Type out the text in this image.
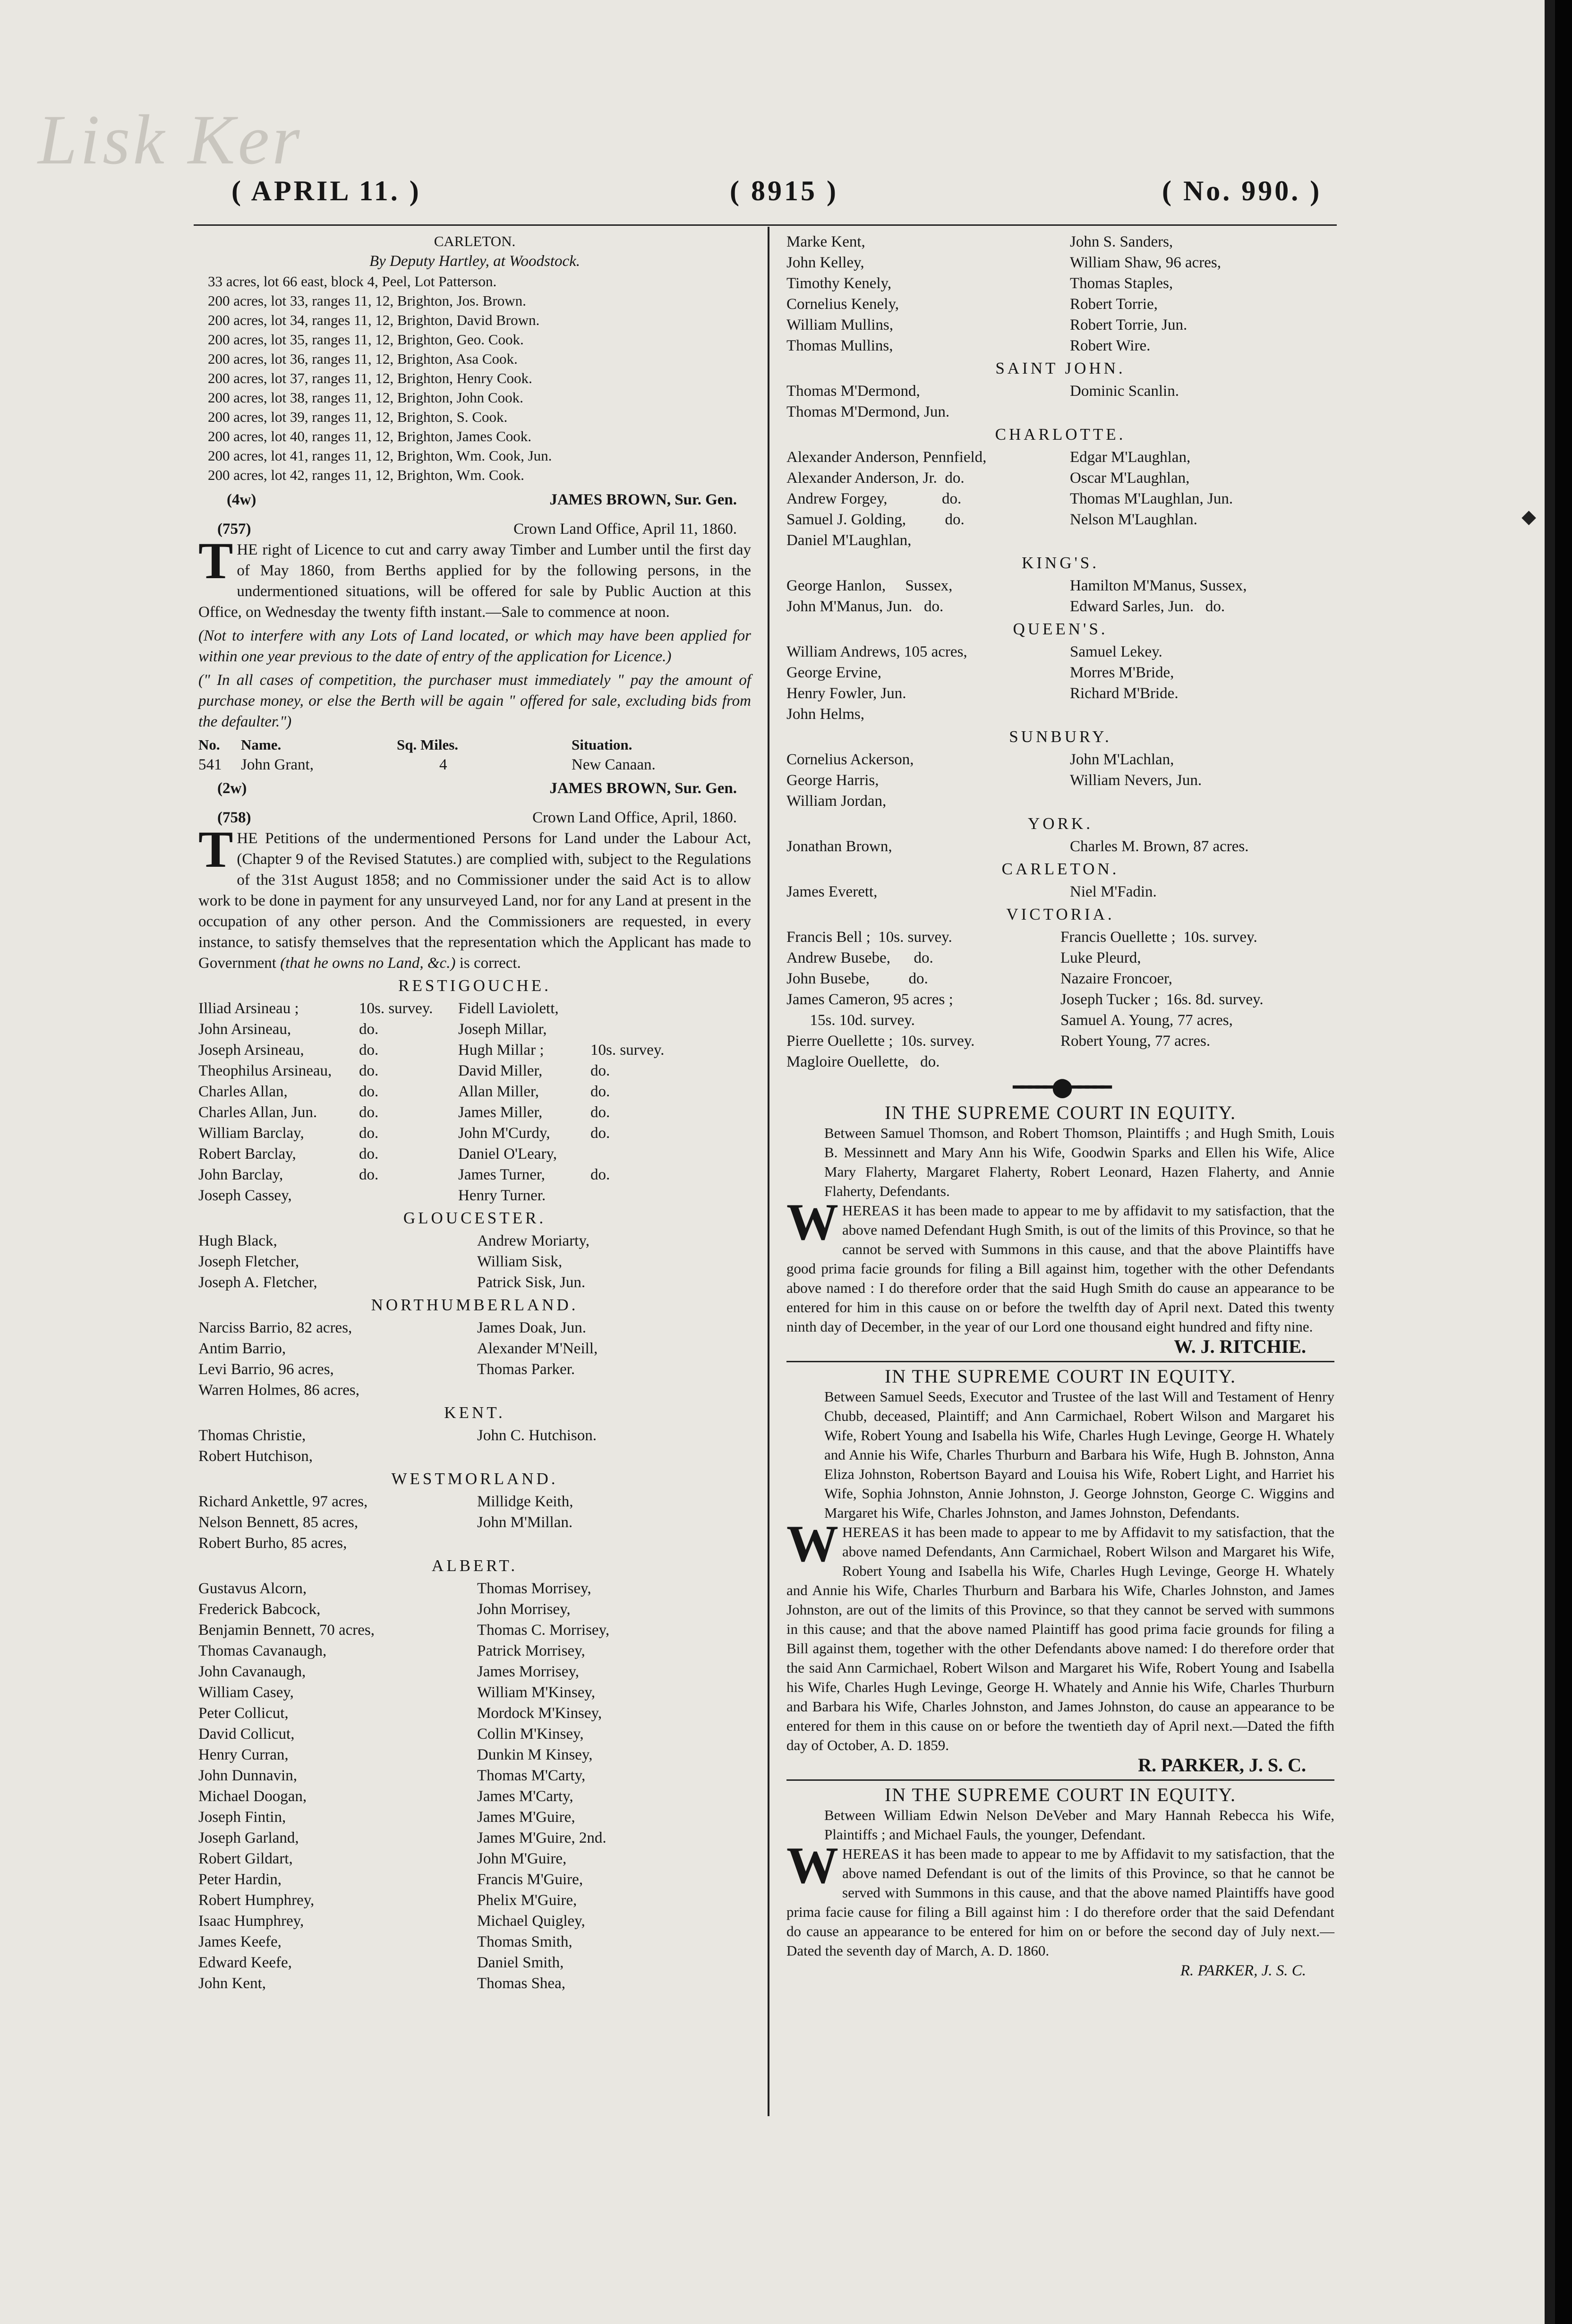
Lisk Ker
( APRIL 11. )	( 8915 )	( No. 990. )
◆

CARLETON.

By Deputy Hartley, at Woodstock.

33 acres, lot 66 east, block 4, Peel, Lot Patterson.

200 acres, lot 33, ranges 11, 12, Brighton, Jos. Brown.

200 acres, lot 34, ranges 11, 12, Brighton, David Brown.

200 acres, lot 35, ranges 11, 12, Brighton, Geo. Cook.

200 acres, lot 36, ranges 11, 12, Brighton, Asa Cook.

200 acres, lot 37, ranges 11, 12, Brighton, Henry Cook.

200 acres, lot 38, ranges 11, 12, Brighton, John Cook.

200 acres, lot 39, ranges 11, 12, Brighton, S. Cook.

200 acres, lot 40, ranges 11, 12, Brighton, James Cook.

200 acres, lot 41, ranges 11, 12, Brighton, Wm. Cook, Jun.

200 acres, lot 42, ranges 11, 12, Brighton, Wm. Cook.

(4w)	JAMES BROWN, Sur. Gen.
(757)	Crown Land Office, April 11, 1860.

THE right of Licence to cut and carry away Timber and Lumber until the first day of May 1860, from Berths applied for by the following persons, in the undermentioned situations, will be offered for sale by Public Auction at this Office, on Wednesday the twenty fifth instant.—Sale to commence at noon.

(Not to interfere with any Lots of Land located, or which may have been applied for within one year previous to the date of entry of the application for Licence.)

(" In all cases of competition, the purchaser must immediately " pay the amount of purchase money, or else the Berth will be again " offered for sale, excluding bids from the defaulter.")

No.	Name.	Sq. Miles.	Situation.
541	John Grant,	4	New Canaan.
(2w)	JAMES BROWN, Sur. Gen.
(758)	Crown Land Office, April, 1860.

THE Petitions of the undermentioned Persons for Land under the Labour Act, (Chapter 9 of the Revised Statutes.) are complied with, subject to the Regulations of the 31st August 1858; and no Commissioner under the said Act is to allow work to be done in payment for any unsurveyed Land, nor for any Land at present in the occupation of any other person. And the Commissioners are requested, in every instance, to satisfy themselves that the representation which the Applicant has made to Government (that he owns no Land, &c.) is correct.

RESTIGOUCHE.

Illiad Arsineau ;	10s. survey.	Fidell Laviolett,
John Arsineau,	do.	Joseph Millar,
Joseph Arsineau,	do.	Hugh Millar ;	10s. survey.
Theophilus Arsineau,	do.	David Miller,	do.
Charles Allan,	do.	Allan Miller,	do.
Charles Allan, Jun.	do.	James Miller,	do.
William Barclay,	do.	John M'Curdy,	do.
Robert Barclay,	do.	Daniel O'Leary,
John Barclay,	do.	James Turner,	do.
Joseph Cassey,	Henry Turner.

GLOUCESTER.

Hugh Black,	Andrew Moriarty,
Joseph Fletcher,	William Sisk,
Joseph A. Fletcher,	Patrick Sisk, Jun.

NORTHUMBERLAND.

Narciss Barrio, 82 acres,	James Doak, Jun.
Antim Barrio,	Alexander M'Neill,
Levi Barrio, 96 acres,	Thomas Parker.
Warren Holmes, 86 acres,

KENT.

Thomas Christie,	John C. Hutchison.
Robert Hutchison,

WESTMORLAND.

Richard Ankettle, 97 acres,	Millidge Keith,
Nelson Bennett, 85 acres,	John M'Millan.
Robert Burho, 85 acres,

ALBERT.

Gustavus Alcorn,	Thomas Morrisey,
Frederick Babcock,	John Morrisey,
Benjamin Bennett, 70 acres,	Thomas C. Morrisey,
Thomas Cavanaugh,	Patrick Morrisey,
John Cavanaugh,	James Morrisey,
William Casey,	William M'Kinsey,
Peter Collicut,	Mordock M'Kinsey,
David Collicut,	Collin M'Kinsey,
Henry Curran,	Dunkin M Kinsey,
John Dunnavin,	Thomas M'Carty,
Michael Doogan,	James M'Carty,
Joseph Fintin,	James M'Guire,
Joseph Garland,	James M'Guire, 2nd.
Robert Gildart,	John M'Guire,
Peter Hardin,	Francis M'Guire,
Robert Humphrey,	Phelix M'Guire,
Isaac Humphrey,	Michael Quigley,
James Keefe,	Thomas Smith,
Edward Keefe,	Daniel Smith,
John Kent,	Thomas Shea,
Marke Kent,	John S. Sanders,
John Kelley,	William Shaw, 96 acres,
Timothy Kenely,	Thomas Staples,
Cornelius Kenely,	Robert Torrie,
William Mullins,	Robert Torrie, Jun.
Thomas Mullins,	Robert Wire.

SAINT JOHN.

Thomas M'Dermond,	Dominic Scanlin.
Thomas M'Dermond, Jun.

CHARLOTTE.

Alexander Anderson, Pennfield,	Edgar M'Laughlan,
Alexander Anderson, Jr.  do.	Oscar M'Laughlan,
Andrew Forgey,              do.	Thomas M'Laughlan, Jun.
Samuel J. Golding,          do.	Nelson M'Laughlan.
Daniel M'Laughlan,

KING'S.

George Hanlon,     Sussex,	Hamilton M'Manus, Sussex,
John M'Manus, Jun.   do.	Edward Sarles, Jun.   do.

QUEEN'S.

William Andrews, 105 acres,	Samuel Lekey.
George Ervine,	Morres M'Bride,
Henry Fowler, Jun.	Richard M'Bride.
John Helms,

SUNBURY.

Cornelius Ackerson,	John M'Lachlan,
George Harris,	William Nevers, Jun.
William Jordan,

YORK.

Jonathan Brown,	Charles M. Brown, 87 acres.

CARLETON.

James Everett,	Niel M'Fadin.

VICTORIA.

Francis Bell ;  10s. survey.	Francis Ouellette ;  10s. survey.
Andrew Busebe,      do.	Luke Pleurd,
John Busebe,          do.	Nazaire Froncoer,
James Cameron, 95 acres ;	Joseph Tucker ;  16s. 8d. survey.
15s. 10d. survey.	Samuel A. Young, 77 acres,
Pierre Ouellette ;  10s. survey.	Robert Young, 77 acres.
Magloire Ouellette,   do.

━━━━━ ⬤ ━━━━━

IN THE SUPREME COURT IN EQUITY.

Between Samuel Thomson, and Robert Thomson, Plaintiffs ; and Hugh Smith, Louis B. Messinnett and Mary Ann his Wife, Goodwin Sparks and Ellen his Wife, Alice Mary Flaherty, Margaret Flaherty, Robert Leonard, Hazen Flaherty, and Annie Flaherty, Defendants.

WHEREAS it has been made to appear to me by affidavit to my satisfaction, that the above named Defendant Hugh Smith, is out of the limits of this Province, so that he cannot be served with Summons in this cause, and that the above Plaintiffs have good prima facie grounds for filing a Bill against him, together with the other Defendants above named : I do therefore order that the said Hugh Smith do cause an appearance to be entered for him in this cause on or before the twelfth day of April next. Dated this twenty ninth day of December, in the year of our Lord one thousand eight hundred and fifty nine.

W. J. RITCHIE.

IN THE SUPREME COURT IN EQUITY.

Between Samuel Seeds, Executor and Trustee of the last Will and Testament of Henry Chubb, deceased, Plaintiff; and Ann Carmichael, Robert Wilson and Margaret his Wife, Robert Young and Isabella his Wife, Charles Hugh Levinge, George H. Whately and Annie his Wife, Charles Thurburn and Barbara his Wife, Hugh B. Johnston, Anna Eliza Johnston, Robertson Bayard and Louisa his Wife, Robert Light, and Harriet his Wife, Sophia Johnston, Annie Johnston, J. George Johnston, George C. Wiggins and Margaret his Wife, Charles Johnston, and James Johnston, Defendants.

WHEREAS it has been made to appear to me by Affidavit to my satisfaction, that the above named Defendants, Ann Carmichael, Robert Wilson and Margaret his Wife, Robert Young and Isabella his Wife, Charles Hugh Levinge, George H. Whately and Annie his Wife, Charles Thurburn and Barbara his Wife, Charles Johnston, and James Johnston, are out of the limits of this Province, so that they cannot be served with summons in this cause; and that the above named Plaintiff has good prima facie grounds for filing a Bill against them, together with the other Defendants above named: I do therefore order that the said Ann Carmichael, Robert Wilson and Margaret his Wife, Robert Young and Isabella his Wife, Charles Hugh Levinge, George H. Whately and Annie his Wife, Charles Thurburn and Barbara his Wife, Charles Johnston, and James Johnston, do cause an appearance to be entered for them in this cause on or before the twentieth day of April next.—Dated the fifth day of October, A. D. 1859.

R. PARKER, J. S. C.

IN THE SUPREME COURT IN EQUITY.

Between William Edwin Nelson DeVeber and Mary Hannah Rebecca his Wife, Plaintiffs ; and Michael Fauls, the younger, Defendant.

WHEREAS it has been made to appear to me by Affidavit to my satisfaction, that the above named Defendant is out of the limits of this Province, so that he cannot be served with Summons in this cause, and that the above named Plaintiffs have good prima facie cause for filing a Bill against him : I do therefore order that the said Defendant do cause an appearance to be entered for him on or before the second day of July next.—Dated the seventh day of March, A. D. 1860.

R. PARKER, J. S. C.
